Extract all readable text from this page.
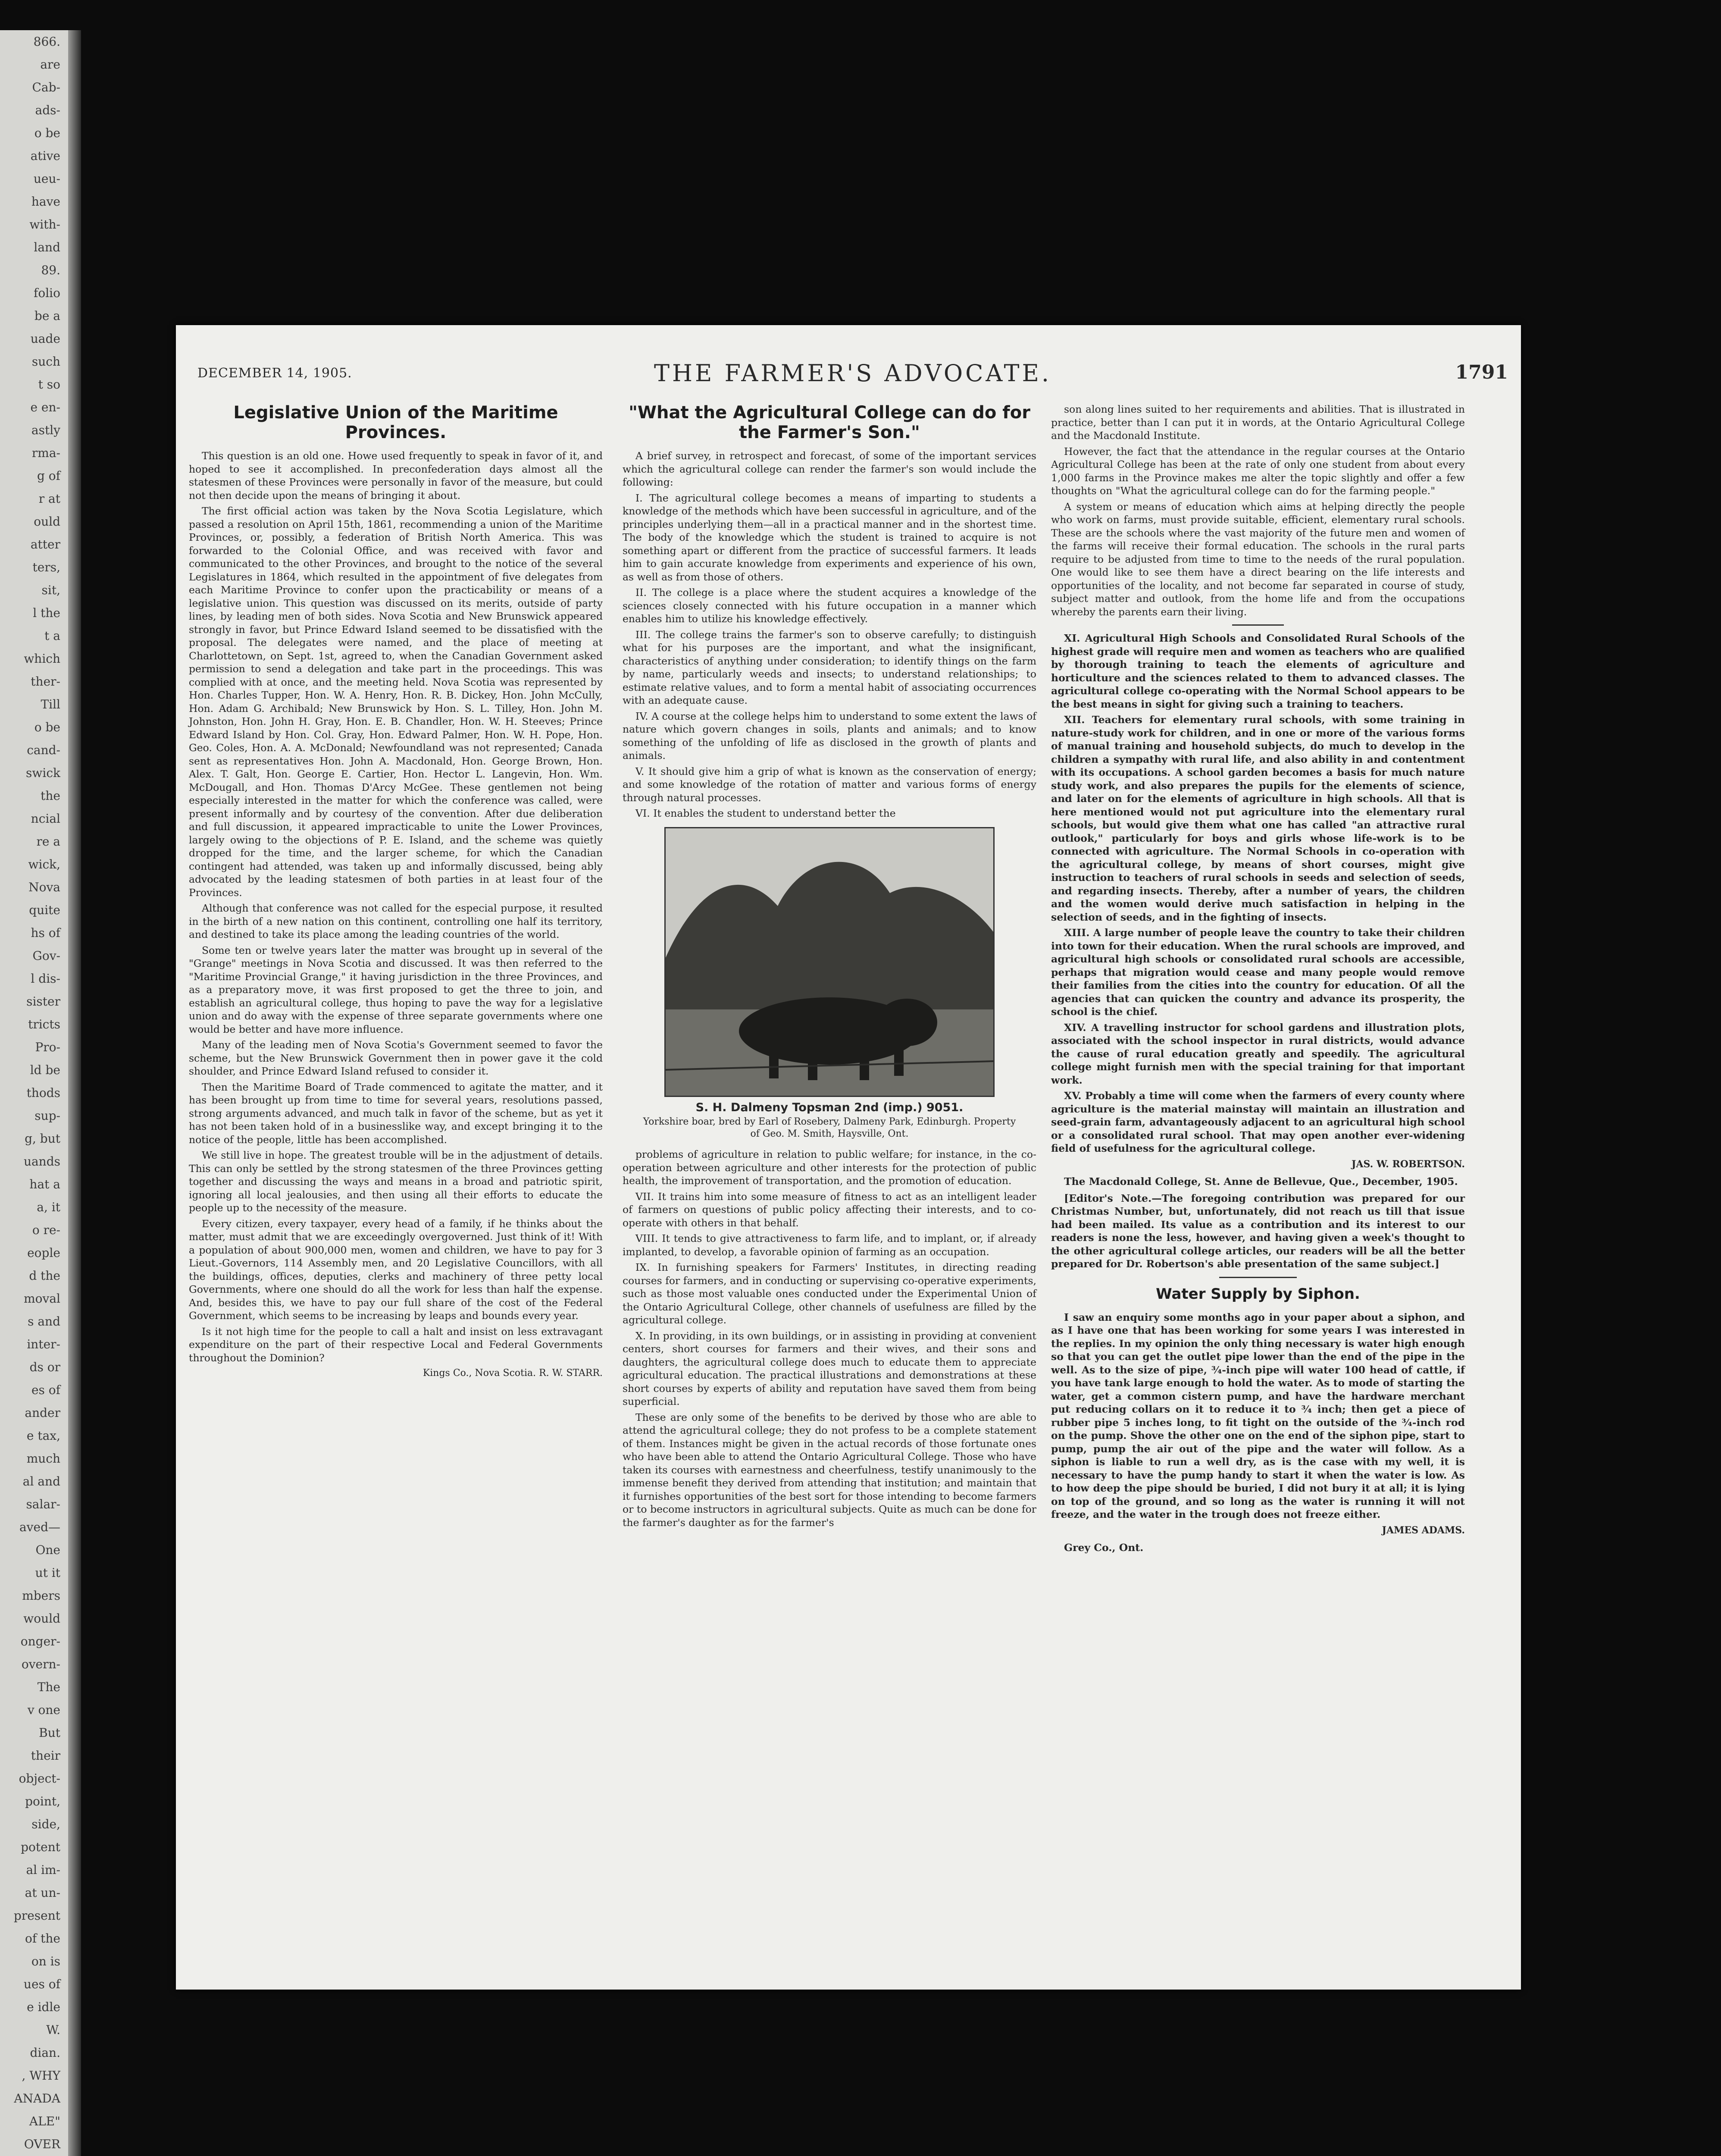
866.
are
Cab-
ads-
o be
ative
ueu-
have
with-
land
89.
folio
be a
uade
such
t so
e en-
astly
rma-
g of
r at
ould
atter
ters,
sit,
l the
t a
which
ther-
Till
o be
cand-
swick
the
ncial
re a
wick,
Nova
quite
hs of
Gov-
l dis-
sister
tricts
Pro-
ld be
thods
sup-
g, but
uands
hat a
a, it
o re-
eople
d the
moval
s and
inter-
ds or
es of
ander
e tax,
much
al and
salar-
aved—
One
ut it
mbers
would
onger-
overn-
The
v one
But
their
object-
point,
side,
potent
al im-
at un-
present
of the
on is
ues of
e idle
W.
dian.
, WHY
ANADA
ALE"
OVER
DECEMBER 14, 1905.	THE FARMER'S ADVOCATE.	1791
Legislative Union of the Maritime Provinces.

This question is an old one. Howe used frequently to speak in favor of it, and hoped to see it accomplished. In preconfederation days almost all the statesmen of these Provinces were personally in favor of the measure, but could not then decide upon the means of bringing it about.

The first official action was taken by the Nova Scotia Legislature, which passed a resolution on April 15th, 1861, recommending a union of the Maritime Provinces, or, possibly, a federation of British North America. This was forwarded to the Colonial Office, and was received with favor and communicated to the other Provinces, and brought to the notice of the several Legislatures in 1864, which resulted in the appointment of five delegates from each Maritime Province to confer upon the practicability or means of a legislative union. This question was discussed on its merits, outside of party lines, by leading men of both sides. Nova Scotia and New Brunswick appeared strongly in favor, but Prince Edward Island seemed to be dissatisfied with the proposal. The delegates were named, and the place of meeting at Charlottetown, on Sept. 1st, agreed to, when the Canadian Government asked permission to send a delegation and take part in the proceedings. This was complied with at once, and the meeting held. Nova Scotia was represented by Hon. Charles Tupper, Hon. W. A. Henry, Hon. R. B. Dickey, Hon. John McCully, Hon. Adam G. Archibald; New Brunswick by Hon. S. L. Tilley, Hon. John M. Johnston, Hon. John H. Gray, Hon. E. B. Chandler, Hon. W. H. Steeves; Prince Edward Island by Hon. Col. Gray, Hon. Edward Palmer, Hon. W. H. Pope, Hon. Geo. Coles, Hon. A. A. McDonald; Newfoundland was not represented; Canada sent as representatives Hon. John A. Macdonald, Hon. George Brown, Hon. Alex. T. Galt, Hon. George E. Cartier, Hon. Hector L. Langevin, Hon. Wm. McDougall, and Hon. Thomas D'Arcy McGee. These gentlemen not being especially interested in the matter for which the conference was called, were present informally and by courtesy of the convention. After due deliberation and full discussion, it appeared impracticable to unite the Lower Provinces, largely owing to the objections of P. E. Island, and the scheme was quietly dropped for the time, and the larger scheme, for which the Canadian contingent had attended, was taken up and informally discussed, being ably advocated by the leading statesmen of both parties in at least four of the Provinces.

Although that conference was not called for the especial purpose, it resulted in the birth of a new nation on this continent, controlling one half its territory, and destined to take its place among the leading countries of the world.

Some ten or twelve years later the matter was brought up in several of the "Grange" meetings in Nova Scotia and discussed. It was then referred to the "Maritime Provincial Grange," it having jurisdiction in the three Provinces, and as a preparatory move, it was first proposed to get the three to join, and establish an agricultural college, thus hoping to pave the way for a legislative union and do away with the expense of three separate governments where one would be better and have more influence.

Many of the leading men of Nova Scotia's Government seemed to favor the scheme, but the New Brunswick Government then in power gave it the cold shoulder, and Prince Edward Island refused to consider it.

Then the Maritime Board of Trade commenced to agitate the matter, and it has been brought up from time to time for several years, resolutions passed, strong arguments advanced, and much talk in favor of the scheme, but as yet it has not been taken hold of in a businesslike way, and except bringing it to the notice of the people, little has been accomplished.

We still live in hope. The greatest trouble will be in the adjustment of details. This can only be settled by the strong statesmen of the three Provinces getting together and discussing the ways and means in a broad and patriotic spirit, ignoring all local jealousies, and then using all their efforts to educate the people up to the necessity of the measure.

Every citizen, every taxpayer, every head of a family, if he thinks about the matter, must admit that we are exceedingly overgoverned. Just think of it! With a population of about 900,000 men, women and children, we have to pay for 3 Lieut.-Governors, 114 Assembly men, and 20 Legislative Councillors, with all the buildings, offices, deputies, clerks and machinery of three petty local Governments, where one should do all the work for less than half the expense. And, besides this, we have to pay our full share of the cost of the Federal Government, which seems to be increasing by leaps and bounds every year.

Is it not high time for the people to call a halt and insist on less extravagant expenditure on the part of their respective Local and Federal Governments throughout the Dominion?

Kings Co., Nova Scotia. R. W. STARR.
"What the Agricultural College can do for the Farmer's Son."

A brief survey, in retrospect and forecast, of some of the important services which the agricultural college can render the farmer's son would include the following:

I. The agricultural college becomes a means of imparting to students a knowledge of the methods which have been successful in agriculture, and of the principles underlying them—all in a practical manner and in the shortest time. The body of the knowledge which the student is trained to acquire is not something apart or different from the practice of successful farmers. It leads him to gain accurate knowledge from experiments and experience of his own, as well as from those of others.

II. The college is a place where the student acquires a knowledge of the sciences closely connected with his future occupation in a manner which enables him to utilize his knowledge effectively.

III. The college trains the farmer's son to observe carefully; to distinguish what for his purposes are the important, and what the insignificant, characteristics of anything under consideration; to identify things on the farm by name, particularly weeds and insects; to understand relationships; to estimate relative values, and to form a mental habit of associating occurrences with an adequate cause.

IV. A course at the college helps him to understand to some extent the laws of nature which govern changes in soils, plants and animals; and to know something of the unfolding of life as disclosed in the growth of plants and animals.

V. It should give him a grip of what is known as the conservation of energy; and some knowledge of the rotation of matter and various forms of energy through natural processes.

VI. It enables the student to understand better the

S. H. Dalmeny Topsman 2nd (imp.) 9051.
Yorkshire boar, bred by Earl of Rosebery, Dalmeny Park, Edinburgh. Property of Geo. M. Smith, Haysville, Ont.

problems of agriculture in relation to public welfare; for instance, in the co-operation between agriculture and other interests for the protection of public health, the improvement of transportation, and the promotion of education.

VII. It trains him into some measure of fitness to act as an intelligent leader of farmers on questions of public policy affecting their interests, and to co-operate with others in that behalf.

VIII. It tends to give attractiveness to farm life, and to implant, or, if already implanted, to develop, a favorable opinion of farming as an occupation.

IX. In furnishing speakers for Farmers' Institutes, in directing reading courses for farmers, and in conducting or supervising co-operative experiments, such as those most valuable ones conducted under the Experimental Union of the Ontario Agricultural College, other channels of usefulness are filled by the agricultural college.

X. In providing, in its own buildings, or in assisting in providing at convenient centers, short courses for farmers and their wives, and their sons and daughters, the agricultural college does much to educate them to appreciate agricultural education. The practical illustrations and demonstrations at these short courses by experts of ability and reputation have saved them from being superficial.

These are only some of the benefits to be derived by those who are able to attend the agricultural college; they do not profess to be a complete statement of them. Instances might be given in the actual records of those fortunate ones who have been able to attend the Ontario Agricultural College. Those who have taken its courses with earnestness and cheerfulness, testify unanimously to the immense benefit they derived from attending that institution; and maintain that it furnishes opportunities of the best sort for those intending to become farmers or to become instructors in agricultural subjects. Quite as much can be done for the farmer's daughter as for the farmer's

son along lines suited to her requirements and abilities. That is illustrated in practice, better than I can put it in words, at the Ontario Agricultural College and the Macdonald Institute.

However, the fact that the attendance in the regular courses at the Ontario Agricultural College has been at the rate of only one student from about every 1,000 farms in the Province makes me alter the topic slightly and offer a few thoughts on "What the agricultural college can do for the farming people."

A system or means of education which aims at helping directly the people who work on farms, must provide suitable, efficient, elementary rural schools. These are the schools where the vast majority of the future men and women of the farms will receive their formal education. The schools in the rural parts require to be adjusted from time to time to the needs of the rural population. One would like to see them have a direct bearing on the life interests and opportunities of the locality, and not become far separated in course of study, subject matter and outlook, from the home life and from the occupations whereby the parents earn their living.

XI. Agricultural High Schools and Consolidated Rural Schools of the highest grade will require men and women as teachers who are qualified by thorough training to teach the elements of agriculture and horticulture and the sciences related to them to advanced classes. The agricultural college co-operating with the Normal School appears to be the best means in sight for giving such a training to teachers.

XII. Teachers for elementary rural schools, with some training in nature-study work for children, and in one or more of the various forms of manual training and household subjects, do much to develop in the children a sympathy with rural life, and also ability in and contentment with its occupations. A school garden becomes a basis for much nature study work, and also prepares the pupils for the elements of science, and later on for the elements of agriculture in high schools. All that is here mentioned would not put agriculture into the elementary rural schools, but would give them what one has called "an attractive rural outlook," particularly for boys and girls whose life-work is to be connected with agriculture. The Normal Schools in co-operation with the agricultural college, by means of short courses, might give instruction to teachers of rural schools in seeds and selection of seeds, and regarding insects. Thereby, after a number of years, the children and the women would derive much satisfaction in helping in the selection of seeds, and in the fighting of insects.

XIII. A large number of people leave the country to take their children into town for their education. When the rural schools are improved, and agricultural high schools or consolidated rural schools are accessible, perhaps that migration would cease and many people would remove their families from the cities into the country for education. Of all the agencies that can quicken the country and advance its prosperity, the school is the chief.

XIV. A travelling instructor for school gardens and illustration plots, associated with the school inspector in rural districts, would advance the cause of rural education greatly and speedily. The agricultural college might furnish men with the special training for that important work.

XV. Probably a time will come when the farmers of every county where agriculture is the material mainstay will maintain an illustration and seed-grain farm, advantageously adjacent to an agricultural high school or a consolidated rural school. That may open another ever-widening field of usefulness for the agricultural college.

JAS. W. ROBERTSON.

The Macdonald College, St. Anne de Bellevue, Que., December, 1905.

[Editor's Note.—The foregoing contribution was prepared for our Christmas Number, but, unfortunately, did not reach us till that issue had been mailed. Its value as a contribution and its interest to our readers is none the less, however, and having given a week's thought to the other agricultural college articles, our readers will be all the better prepared for Dr. Robertson's able presentation of the same subject.]

Water Supply by Siphon.

I saw an enquiry some months ago in your paper about a siphon, and as I have one that has been working for some years I was interested in the replies. In my opinion the only thing necessary is water high enough so that you can get the outlet pipe lower than the end of the pipe in the well. As to the size of pipe, ¾-inch pipe will water 100 head of cattle, if you have tank large enough to hold the water. As to mode of starting the water, get a common cistern pump, and have the hardware merchant put reducing collars on it to reduce it to ¾ inch; then get a piece of rubber pipe 5 inches long, to fit tight on the outside of the ¾-inch rod on the pump. Shove the other one on the end of the siphon pipe, start to pump, pump the air out of the pipe and the water will follow. As a siphon is liable to run a well dry, as is the case with my well, it is necessary to have the pump handy to start it when the water is low. As to how deep the pipe should be buried, I did not bury it at all; it is lying on top of the ground, and so long as the water is running it will not freeze, and the water in the trough does not freeze either.

JAMES ADAMS.

Grey Co., Ont.
